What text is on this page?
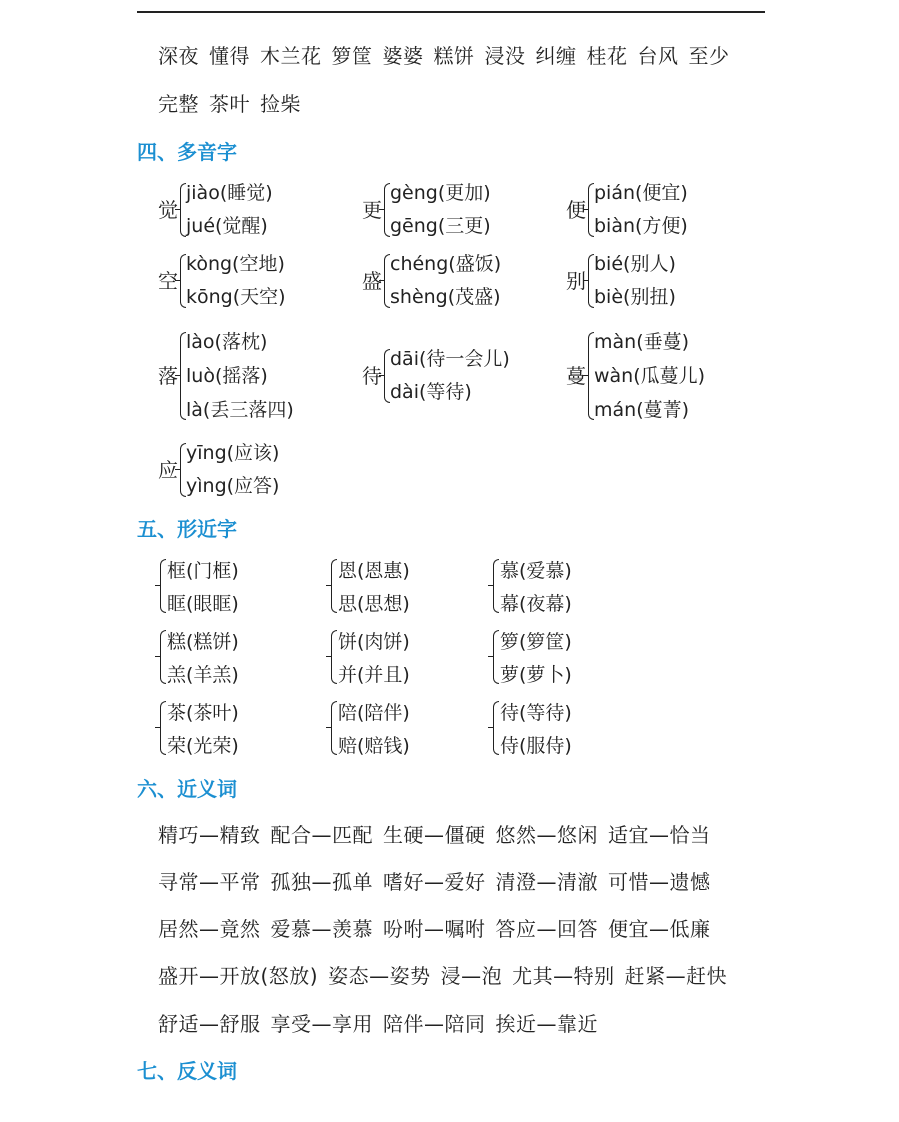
深夜 懂得 木兰花 箩筐 婆婆 糕饼 浸没 纠缠 桂花 台风 至少
完整 茶叶 捡柴
四、多音字
觉
jiào(睡觉)
jué(觉醒)
更
gèng(更加)
gēng(三更)
便
pián(便宜)
biàn(方便)
空
kòng(空地)
kōng(天空)
盛
chéng(盛饭)
shèng(茂盛)
别
bié(别人)
biè(别扭)
落
lào(落枕)
luò(摇落)
là(丢三落四)
待
dāi(待一会儿)
dài(等待)
蔓
màn(垂蔓)
wàn(瓜蔓儿)
mán(蔓菁)
应
yīng(应该)
yìng(应答)
五、形近字
框(门框)
眶(眼眶)
恩(恩惠)
思(思想)
慕(爱慕)
幕(夜幕)
糕(糕饼)
羔(羊羔)
饼(肉饼)
并(并且)
箩(箩筐)
萝(萝卜)
茶(茶叶)
荣(光荣)
陪(陪伴)
赔(赔钱)
待(等待)
侍(服侍)
六、近义词
精巧—精致 配合—匹配 生硬—僵硬 悠然—悠闲 适宜—恰当
寻常—平常 孤独—孤单 嗜好—爱好 清澄—清澈 可惜—遗憾
居然—竟然 爱慕—羡慕 吩咐—嘱咐 答应—回答 便宜—低廉
盛开—开放(怒放) 姿态—姿势 浸—泡 尤其—特别 赶紧—赶快
舒适—舒服 享受—享用 陪伴—陪同 挨近—靠近
七、反义词
